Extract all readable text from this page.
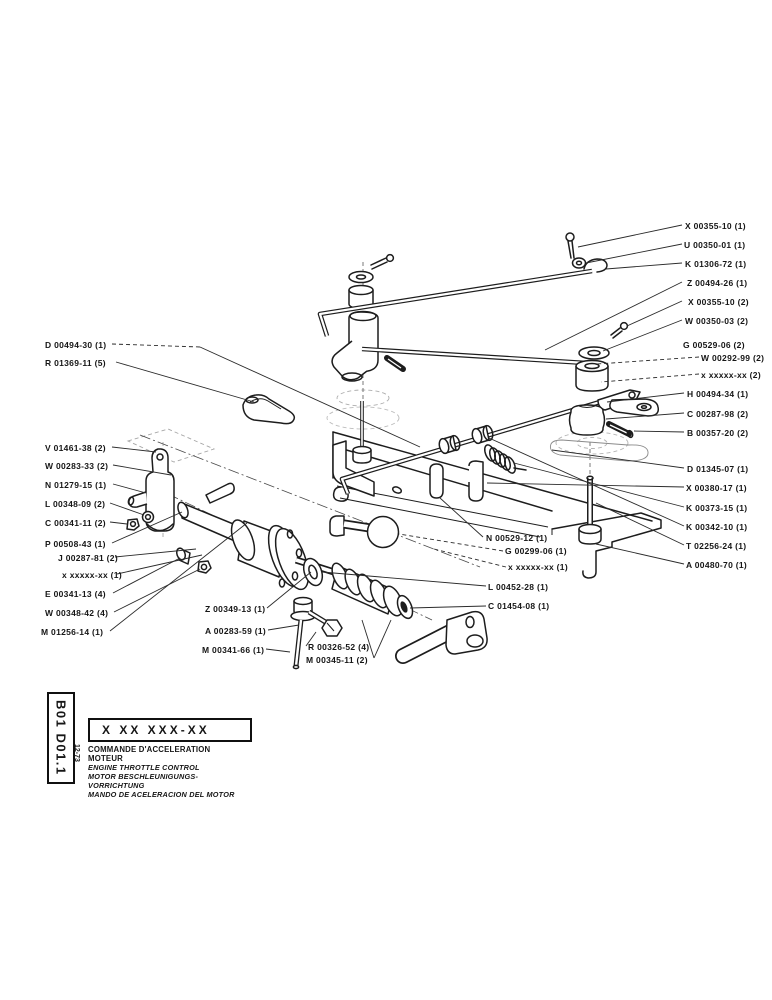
X 00355-10 (1)
U 00350-01 (1)
K 01306-72 (1)
Z 00494-26 (1)
X 00355-10 (2)
W 00350-03 (2)
G 00529-06 (2)
W 00292-99 (2)
x xxxxx-xx (2)
H 00494-34 (1)
C 00287-98 (2)
B 00357-20 (2)
D 01345-07 (1)
X 00380-17 (1)
K 00373-15 (1)
K 00342-10 (1)
T 02256-24 (1)
A 00480-70 (1)
D 00494-30 (1)
R 01369-11 (5)
V 01461-38 (2)
W 00283-33 (2)
N 01279-15 (1)
L 00348-09 (2)
C 00341-11 (2)
P 00508-43 (1)
J 00287-81 (2)
x xxxxx-xx (1)
E 00341-13 (4)
W 00348-42 (4)
M 01256-14 (1)
N 00529-12 (1)
G 00299-06 (1)
x xxxxx-xx (1)
L 00452-28 (1)
C 01454-08 (1)
Z 00349-13 (1)
A 00283-59 (1)
M 00341-66 (1)	R 00326-52 (4)
M 00345-11 (2)
B01 D01.1 12-73
X XX XXX-XX
COMMANDE D'ACCELERATION MOTEUR
ENGINE THROTTLE CONTROL
MOTOR BESCHLEUNIGUNGS-VORRICHTUNG
MANDO DE ACELERACION DEL MOTOR
